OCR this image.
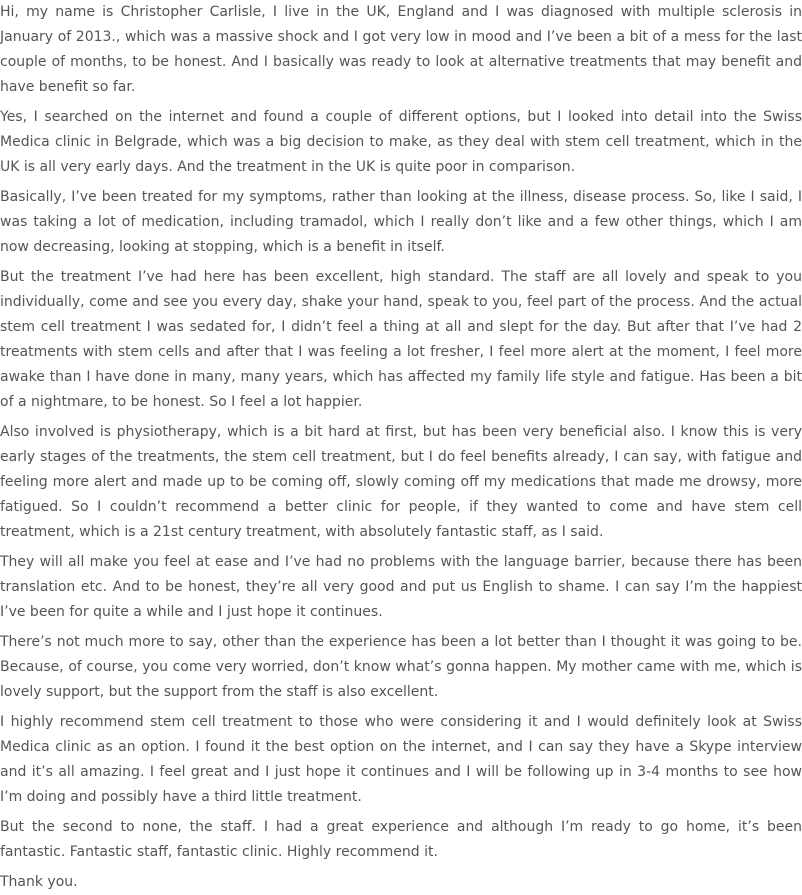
Hi, my name is Christopher Carlisle, I live in the UK, England and I was diagnosed with multiple sclerosis in January of 2013., which was a massive shock and I got very low in mood and I’ve been a bit of a mess for the last couple of months, to be honest. And I basically was ready to look at alternative treatments that may benefit and have benefit so far.

Yes, I searched on the internet and found a couple of different options, but I looked into detail into the Swiss Medica clinic in Belgrade, which was a big decision to make, as they deal with stem cell treatment, which in the UK is all very early days. And the treatment in the UK is quite poor in comparison.

Basically, I’ve been treated for my symptoms, rather than looking at the illness, disease process. So, like I said, I was taking a lot of medication, including tramadol, which I really don’t like and a few other things, which I am now decreasing, looking at stopping, which is a benefit in itself.

But the treatment I’ve had here has been excellent, high standard. The staff are all lovely and speak to you individually, come and see you every day, shake your hand, speak to you, feel part of the process. And the actual stem cell treatment I was sedated for, I didn’t feel a thing at all and slept for the day. But after that I’ve had 2 treatments with stem cells and after that I was feeling a lot fresher, I feel more alert at the moment, I feel more awake than I have done in many, many years, which has affected my family life style and fatigue. Has been a bit of a nightmare, to be honest. So I feel a lot happier.

Also involved is physiotherapy, which is a bit hard at first, but has been very beneficial also. I know this is very early stages of the treatments, the stem cell treatment, but I do feel benefits already, I can say, with fatigue and feeling more alert and made up to be coming off, slowly coming off my medications that made me drowsy, more fatigued. So I couldn’t recommend a better clinic for people, if they wanted to come and have stem cell treatment, which is a 21st century treatment, with absolutely fantastic staff, as I said.

They will all make you feel at ease and I’ve had no problems with the language barrier, because there has been translation etc. And to be honest, they’re all very good and put us English to shame. I can say I’m the happiest I’ve been for quite a while and I just hope it continues.

There’s not much more to say, other than the experience has been a lot better than I thought it was going to be. Because, of course, you come very worried, don’t know what’s gonna happen. My mother came with me, which is lovely support, but the support from the staff is also excellent.

I highly recommend stem cell treatment to those who were considering it and I would definitely look at Swiss Medica clinic as an option. I found it the best option on the internet, and I can say they have a Skype interview and it’s all amazing. I feel great and I just hope it continues and I will be following up in 3-4 months to see how I’m doing and possibly have a third little treatment.

But the second to none, the staff. I had a great experience and although I’m ready to go home, it’s been fantastic. Fantastic staff, fantastic clinic. Highly recommend it.

Thank you.
